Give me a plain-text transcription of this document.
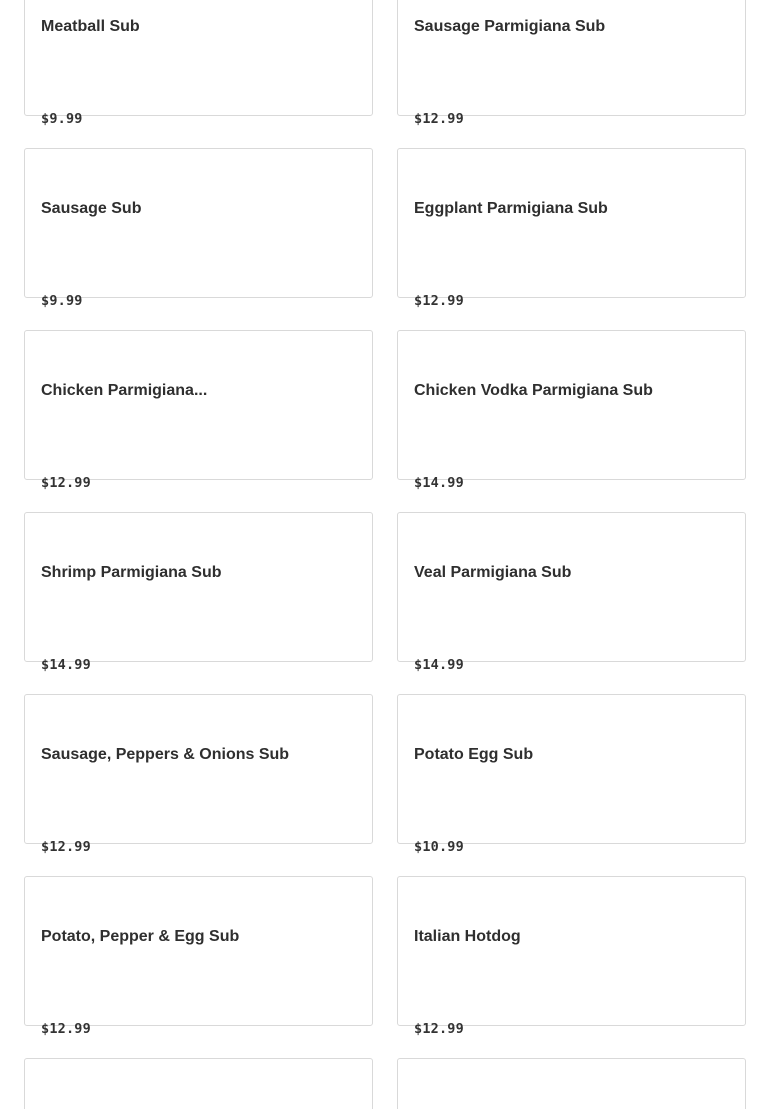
Meatball Sub
$9.99
Sausage Parmigiana Sub
$12.99
Sausage Sub
$9.99
Eggplant Parmigiana Sub
$12.99
Chicken Parmigiana...
$12.99
Chicken Vodka Parmigiana Sub
$14.99
Shrimp Parmigiana Sub
$14.99
Veal Parmigiana Sub
$14.99
Sausage, Peppers & Onions Sub
$12.99
Potato Egg Sub
$10.99
Potato, Pepper & Egg Sub
$12.99
Italian Hotdog
$12.99
